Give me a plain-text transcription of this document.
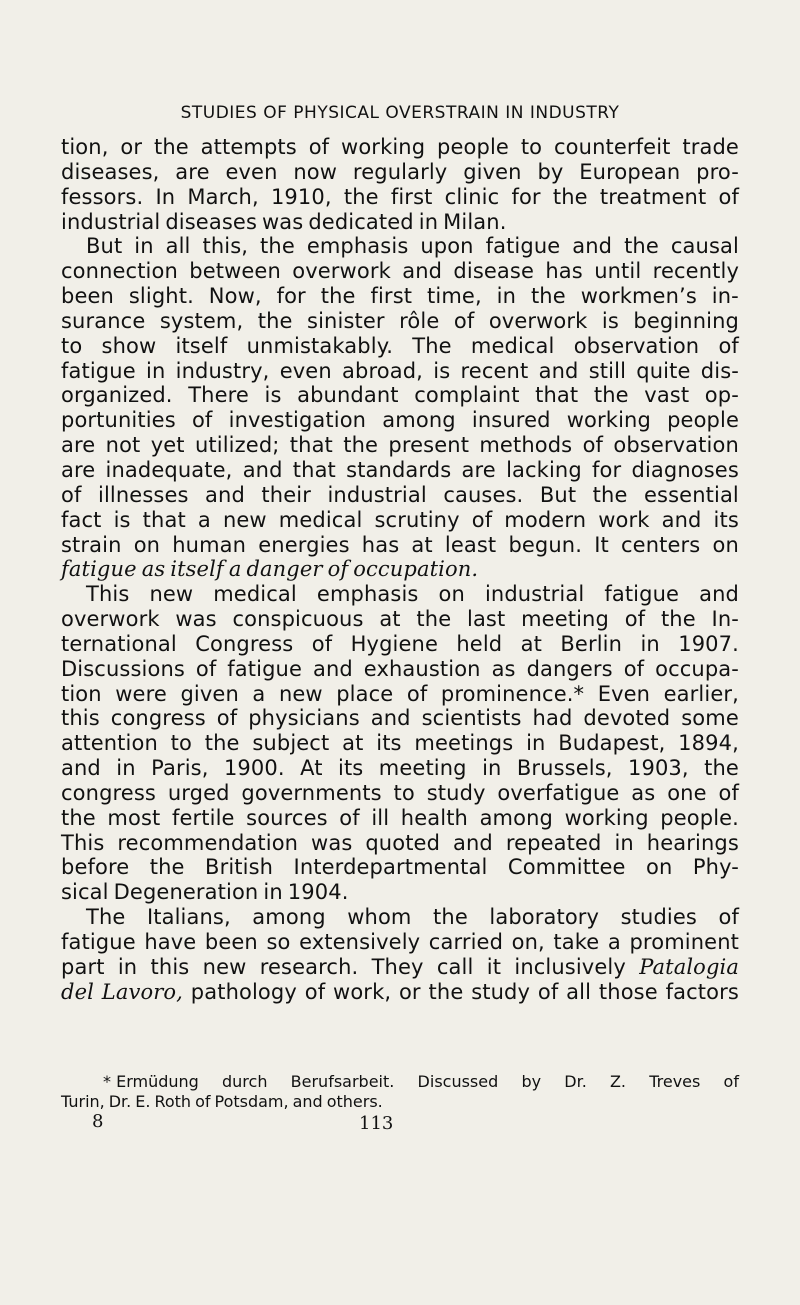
STUDIES OF PHYSICAL OVERSTRAIN IN INDUSTRY
tion, or the attempts of working people to counterfeit trade
diseases, are even now regularly given by European pro-
fessors. In March, 1910, the first clinic for the treatment of
industrial diseases was dedicated in Milan.
But in all this, the emphasis upon fatigue and the causal
connection between overwork and disease has until recently
been slight. Now, for the first time, in the workmen’s in-
surance system, the sinister rôle of overwork is beginning
to show itself unmistakably. The medical observation of
fatigue in industry, even abroad, is recent and still quite dis-
organized. There is abundant complaint that the vast op-
portunities of investigation among insured working people
are not yet utilized; that the present methods of observation
are inadequate, and that standards are lacking for diagnoses
of illnesses and their industrial causes. But the essential
fact is that a new medical scrutiny of modern work and its
strain on human energies has at least begun. It centers on
fatigue as itself a danger of occupation.
This new medical emphasis on industrial fatigue and
overwork was conspicuous at the last meeting of the In-
ternational Congress of Hygiene held at Berlin in 1907.
Discussions of fatigue and exhaustion as dangers of occupa-
tion were given a new place of prominence.* Even earlier,
this congress of physicians and scientists had devoted some
attention to the subject at its meetings in Budapest, 1894,
and in Paris, 1900. At its meeting in Brussels, 1903, the
congress urged governments to study overfatigue as one of
the most fertile sources of ill health among working people.
This recommendation was quoted and repeated in hearings
before the British Interdepartmental Committee on Phy-
sical Degeneration in 1904.
The Italians, among whom the laboratory studies of
fatigue have been so extensively carried on, take a prominent
part in this new research. They call it inclusively Patalogia
del Lavoro, pathology of work, or the study of all those factors
* Ermüdung durch Berufsarbeit. Discussed by Dr. Z. Treves of
Turin, Dr. E. Roth of Potsdam, and others.
8	113
